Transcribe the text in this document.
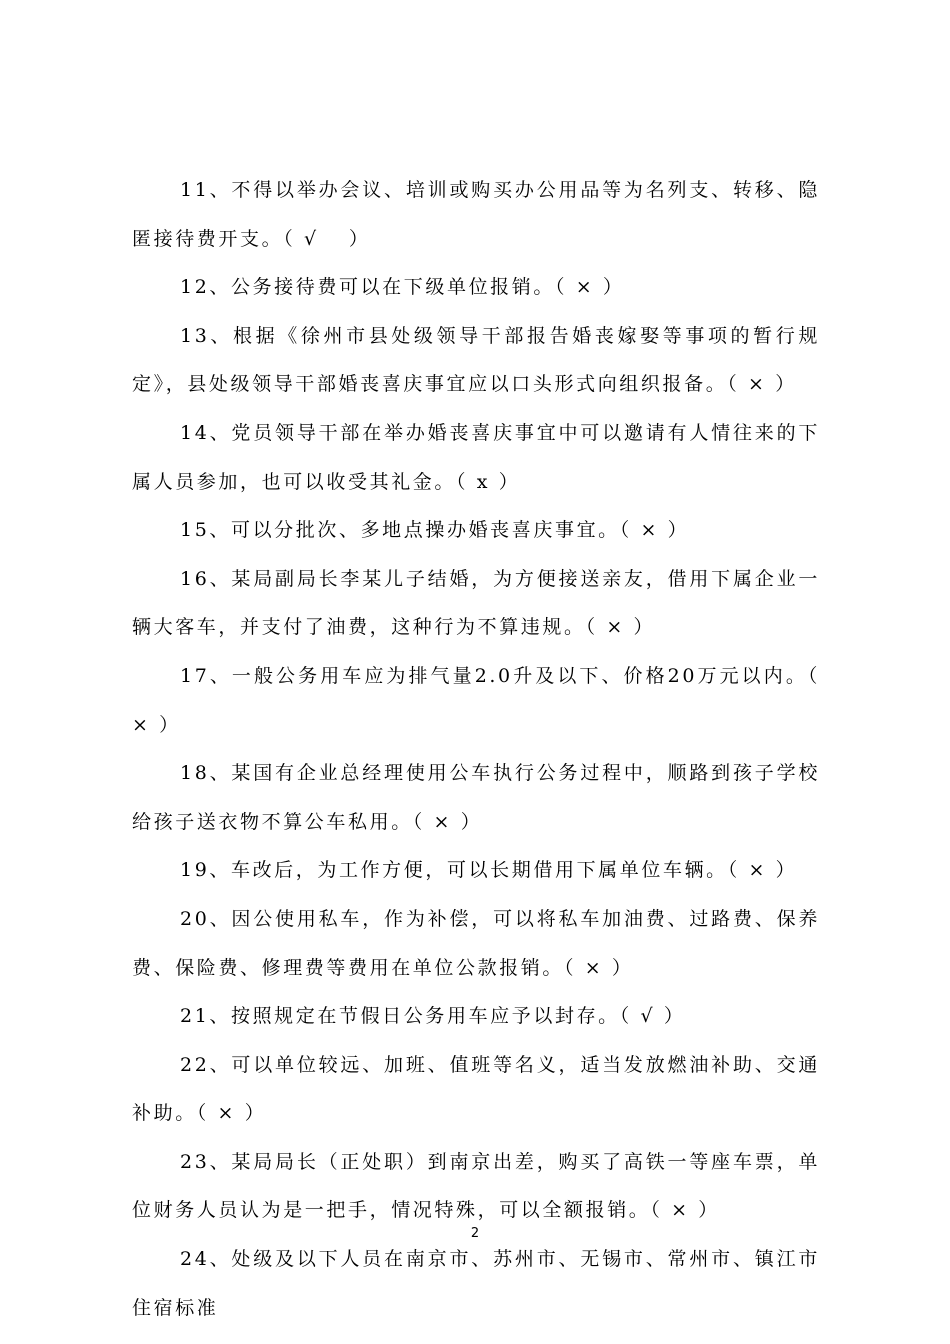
11、不得以举办会议、培训或购买办公用品等为名列支、转移、隐匿接待费开支。（ √　 ）

12、公务接待费可以在下级单位报销。（ × ）

13、根据《徐州市县处级领导干部报告婚丧嫁娶等事项的暂行规定》，县处级领导干部婚丧喜庆事宜应以口头形式向组织报备。（ × ）

14、党员领导干部在举办婚丧喜庆事宜中可以邀请有人情往来的下属人员参加，也可以收受其礼金。（ x ）

15、可以分批次、多地点操办婚丧喜庆事宜。（ × ）

16、某局副局长李某儿子结婚，为方便接送亲友，借用下属企业一辆大客车，并支付了油费，这种行为不算违规。（ × ）

17、一般公务用车应为排气量2.0升及以下、价格20万元以内。（ × ）

18、某国有企业总经理使用公车执行公务过程中，顺路到孩子学校给孩子送衣物不算公车私用。（ × ）

19、车改后，为工作方便，可以长期借用下属单位车辆。（ × ）

20、因公使用私车，作为补偿，可以将私车加油费、过路费、保养费、保险费、修理费等费用在单位公款报销。（ × ）

21、按照规定在节假日公务用车应予以封存。（ √ ）

22、可以单位较远、加班、值班等名义，适当发放燃油补助、交通补助。（ × ）

23、某局局长（正处职）到南京出差，购买了高铁一等座车票，单位财务人员认为是一把手，情况特殊，可以全额报销。（ × ）

24、处级及以下人员在南京市、苏州市、无锡市、常州市、镇江市住宿标准

2
